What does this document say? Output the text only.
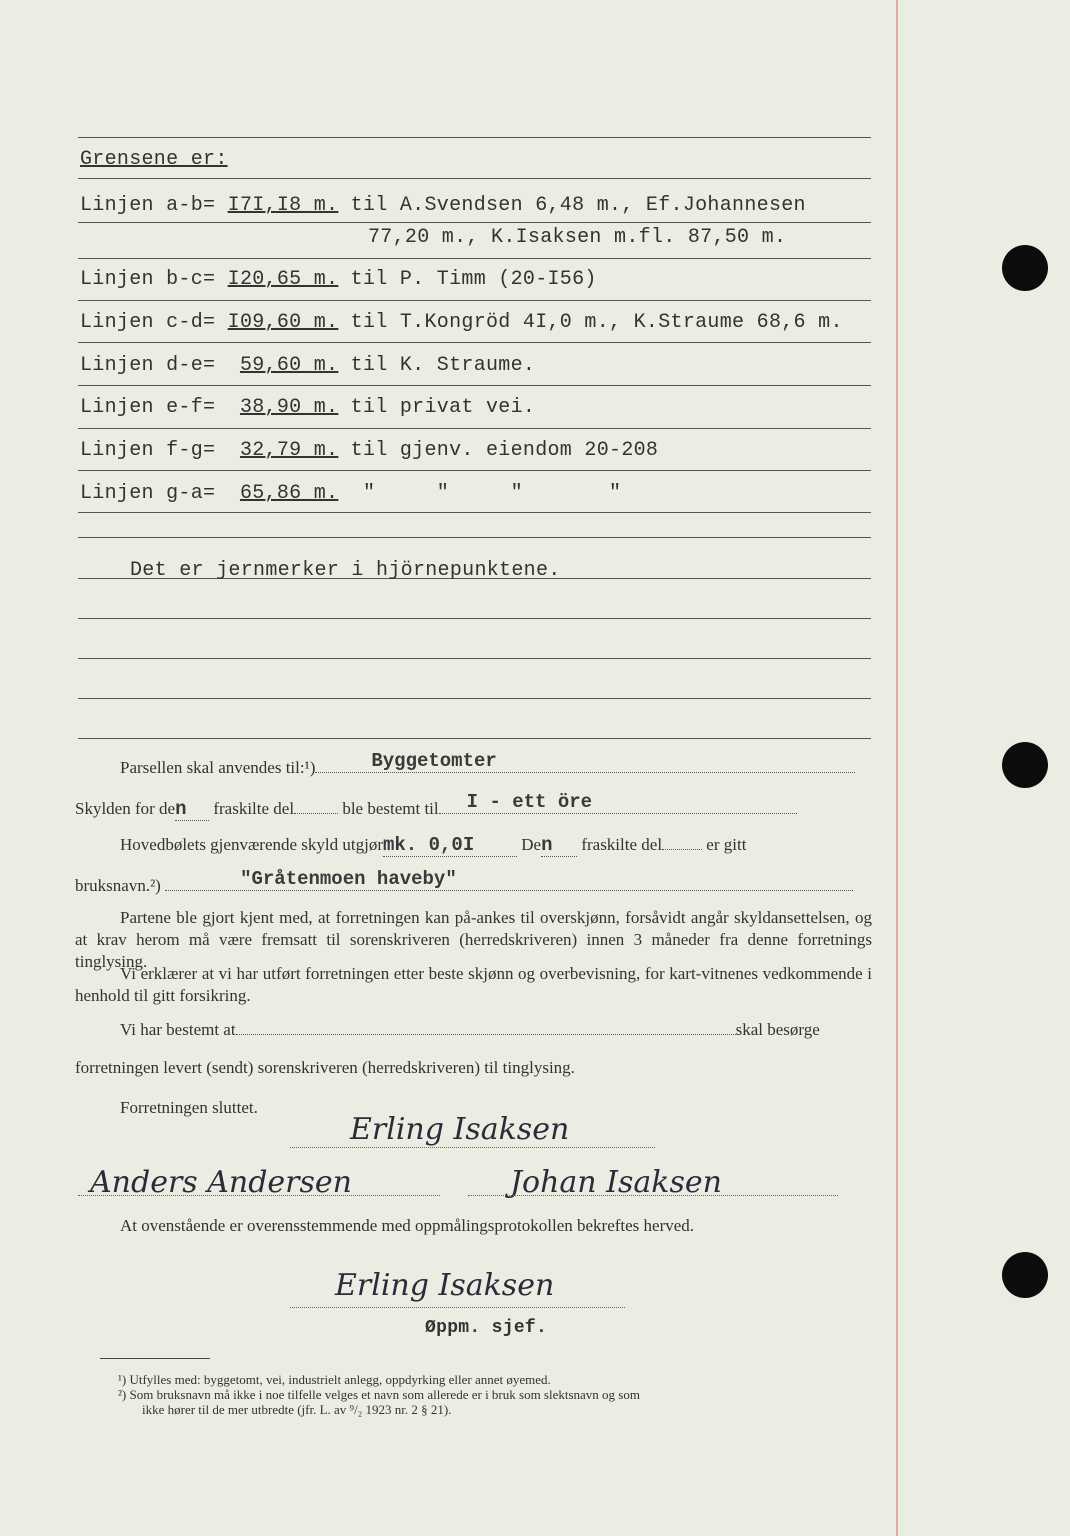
Grensene er:
Linjen a-b= I7I,I8 m. til A.Svendsen 6,48 m., Ef.Johannesen
77,20 m., K.Isaksen m.fl. 87,50 m.
Linjen b-c= I20,65 m. til P. Timm (20-I56)
Linjen c-d= I09,60 m. til T.Kongröd 4I,0 m., K.Straume 68,6 m.
Linjen d-e= 59,60 m. til K. Straume.
Linjen e-f= 38,90 m. til privat vei.
Linjen f-g= 32,79 m. til gjenv. eiendom 20-208
Linjen g-a= 65,86 m. "     "     "       "
Det er jernmerker i hjörnepunktene.
Parsellen skal anvendes til:¹)	Byggetomter
Skylden for den fraskilte del	ble bestemt til I - ett öre
Hovedbølets gjenværende skyld utgjørmk. 0,0I	Den fraskilte del	er gitt
bruksnavn.²)	"Gråtenmoen haveby"
Partene ble gjort kjent med, at forretningen kan på-ankes til overskjønn, forsåvidt angår skyldansettelsen, og at krav herom må være fremsatt til sorenskriveren (herredskriveren) innen 3 måneder fra denne forretnings tinglysing.
Vi erklærer at vi har utført forretningen etter beste skjønn og overbevisning, for kart-vitnenes vedkommende i henhold til gitt forsikring.
Vi har bestemt at	skal besørge
forretningen levert (sendt) sorenskriveren (herredskriveren) til tinglysing.
Forretningen sluttet.
Erling Isaksen
Anders Andersen	Johan Isaksen
At ovenstående er overensstemmende med oppmålingsprotokollen bekreftes herved.
Erling Isaksen
Øppm. sjef.
¹) Utfylles med: byggetomt, vei, industrielt anlegg, oppdyrking eller annet øyemed.
²) Som bruksnavn må ikke i noe tilfelle velges et navn som allerede er i bruk som slektsnavn og som
ikke hører til de mer utbredte (jfr. L. av ⁹/₂ 1923 nr. 2 § 21).
